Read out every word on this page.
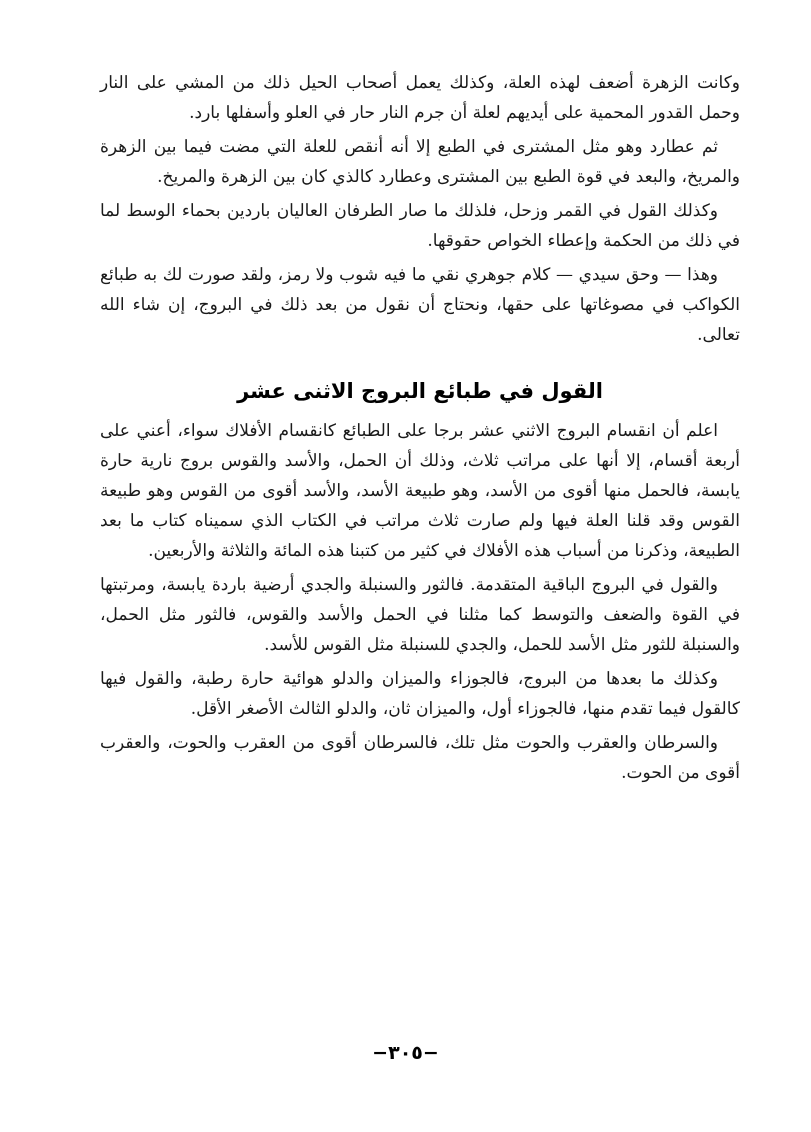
وكانت الزهرة أضعف لهذه العلة، وكذلك يعمل أصحاب الحيل ذلك من المشي على النار وحمل القدور المحمية على أيديهم لعلة أن جرم النار حار في العلو وأسفلها بارد.

ثم عطارد وهو مثل المشترى في الطبع إلا أنه أنقص للعلة التي مضت فيما بين الزهرة والمريخ، والبعد في قوة الطبع بين المشترى وعطارد كالذي كان بين الزهرة والمريخ.

وكذلك القول في القمر وزحل، فلذلك ما صار الطرفان العاليان باردين بحماء الوسط لما في ذلك من الحكمة وإعطاء الخواص حقوقها.

وهذا — وحق سيدي — كلام جوهري نقي ما فيه شوب ولا رمز، ولقد صورت لك به طبائع الكواكب في مصوغاتها على حقها، ونحتاج أن نقول من بعد ذلك في البروج، إن شاء الله تعالى.

القول في طبائع البروج الاثنى عشر

اعلم أن انقسام البروج الاثني عشر برجا على الطبائع كانقسام الأفلاك سواء، أعني على أربعة أقسام، إلا أنها على مراتب ثلاث، وذلك أن الحمل، والأسد والقوس بروج نارية حارة يابسة، فالحمل منها أقوى من الأسد، وهو طبيعة الأسد، والأسد أقوى من القوس وهو طبيعة القوس وقد قلنا العلة فيها ولم صارت ثلاث مراتب في الكتاب الذي سميناه كتاب ما بعد الطبيعة، وذكرنا من أسباب هذه الأفلاك في كثير من كتبنا هذه المائة والثلاثة والأربعين.

والقول في البروج الباقية المتقدمة. فالثور والسنبلة والجدي أرضية باردة يابسة، ومرتبتها في القوة والضعف والتوسط كما مثلنا في الحمل والأسد والقوس، فالثور مثل الحمل، والسنبلة للثور مثل الأسد للحمل، والجدي للسنبلة مثل القوس للأسد.

وكذلك ما بعدها من البروج، فالجوزاء والميزان والدلو هوائية حارة رطبة، والقول فيها كالقول فيما تقدم منها، فالجوزاء أول، والميزان ثان، والدلو الثالث الأصغر الأقل.

والسرطان والعقرب والحوت مثل تلك، فالسرطان أقوى من العقرب والحوت، والعقرب أقوى من الحوت.

−٣٠٥−
